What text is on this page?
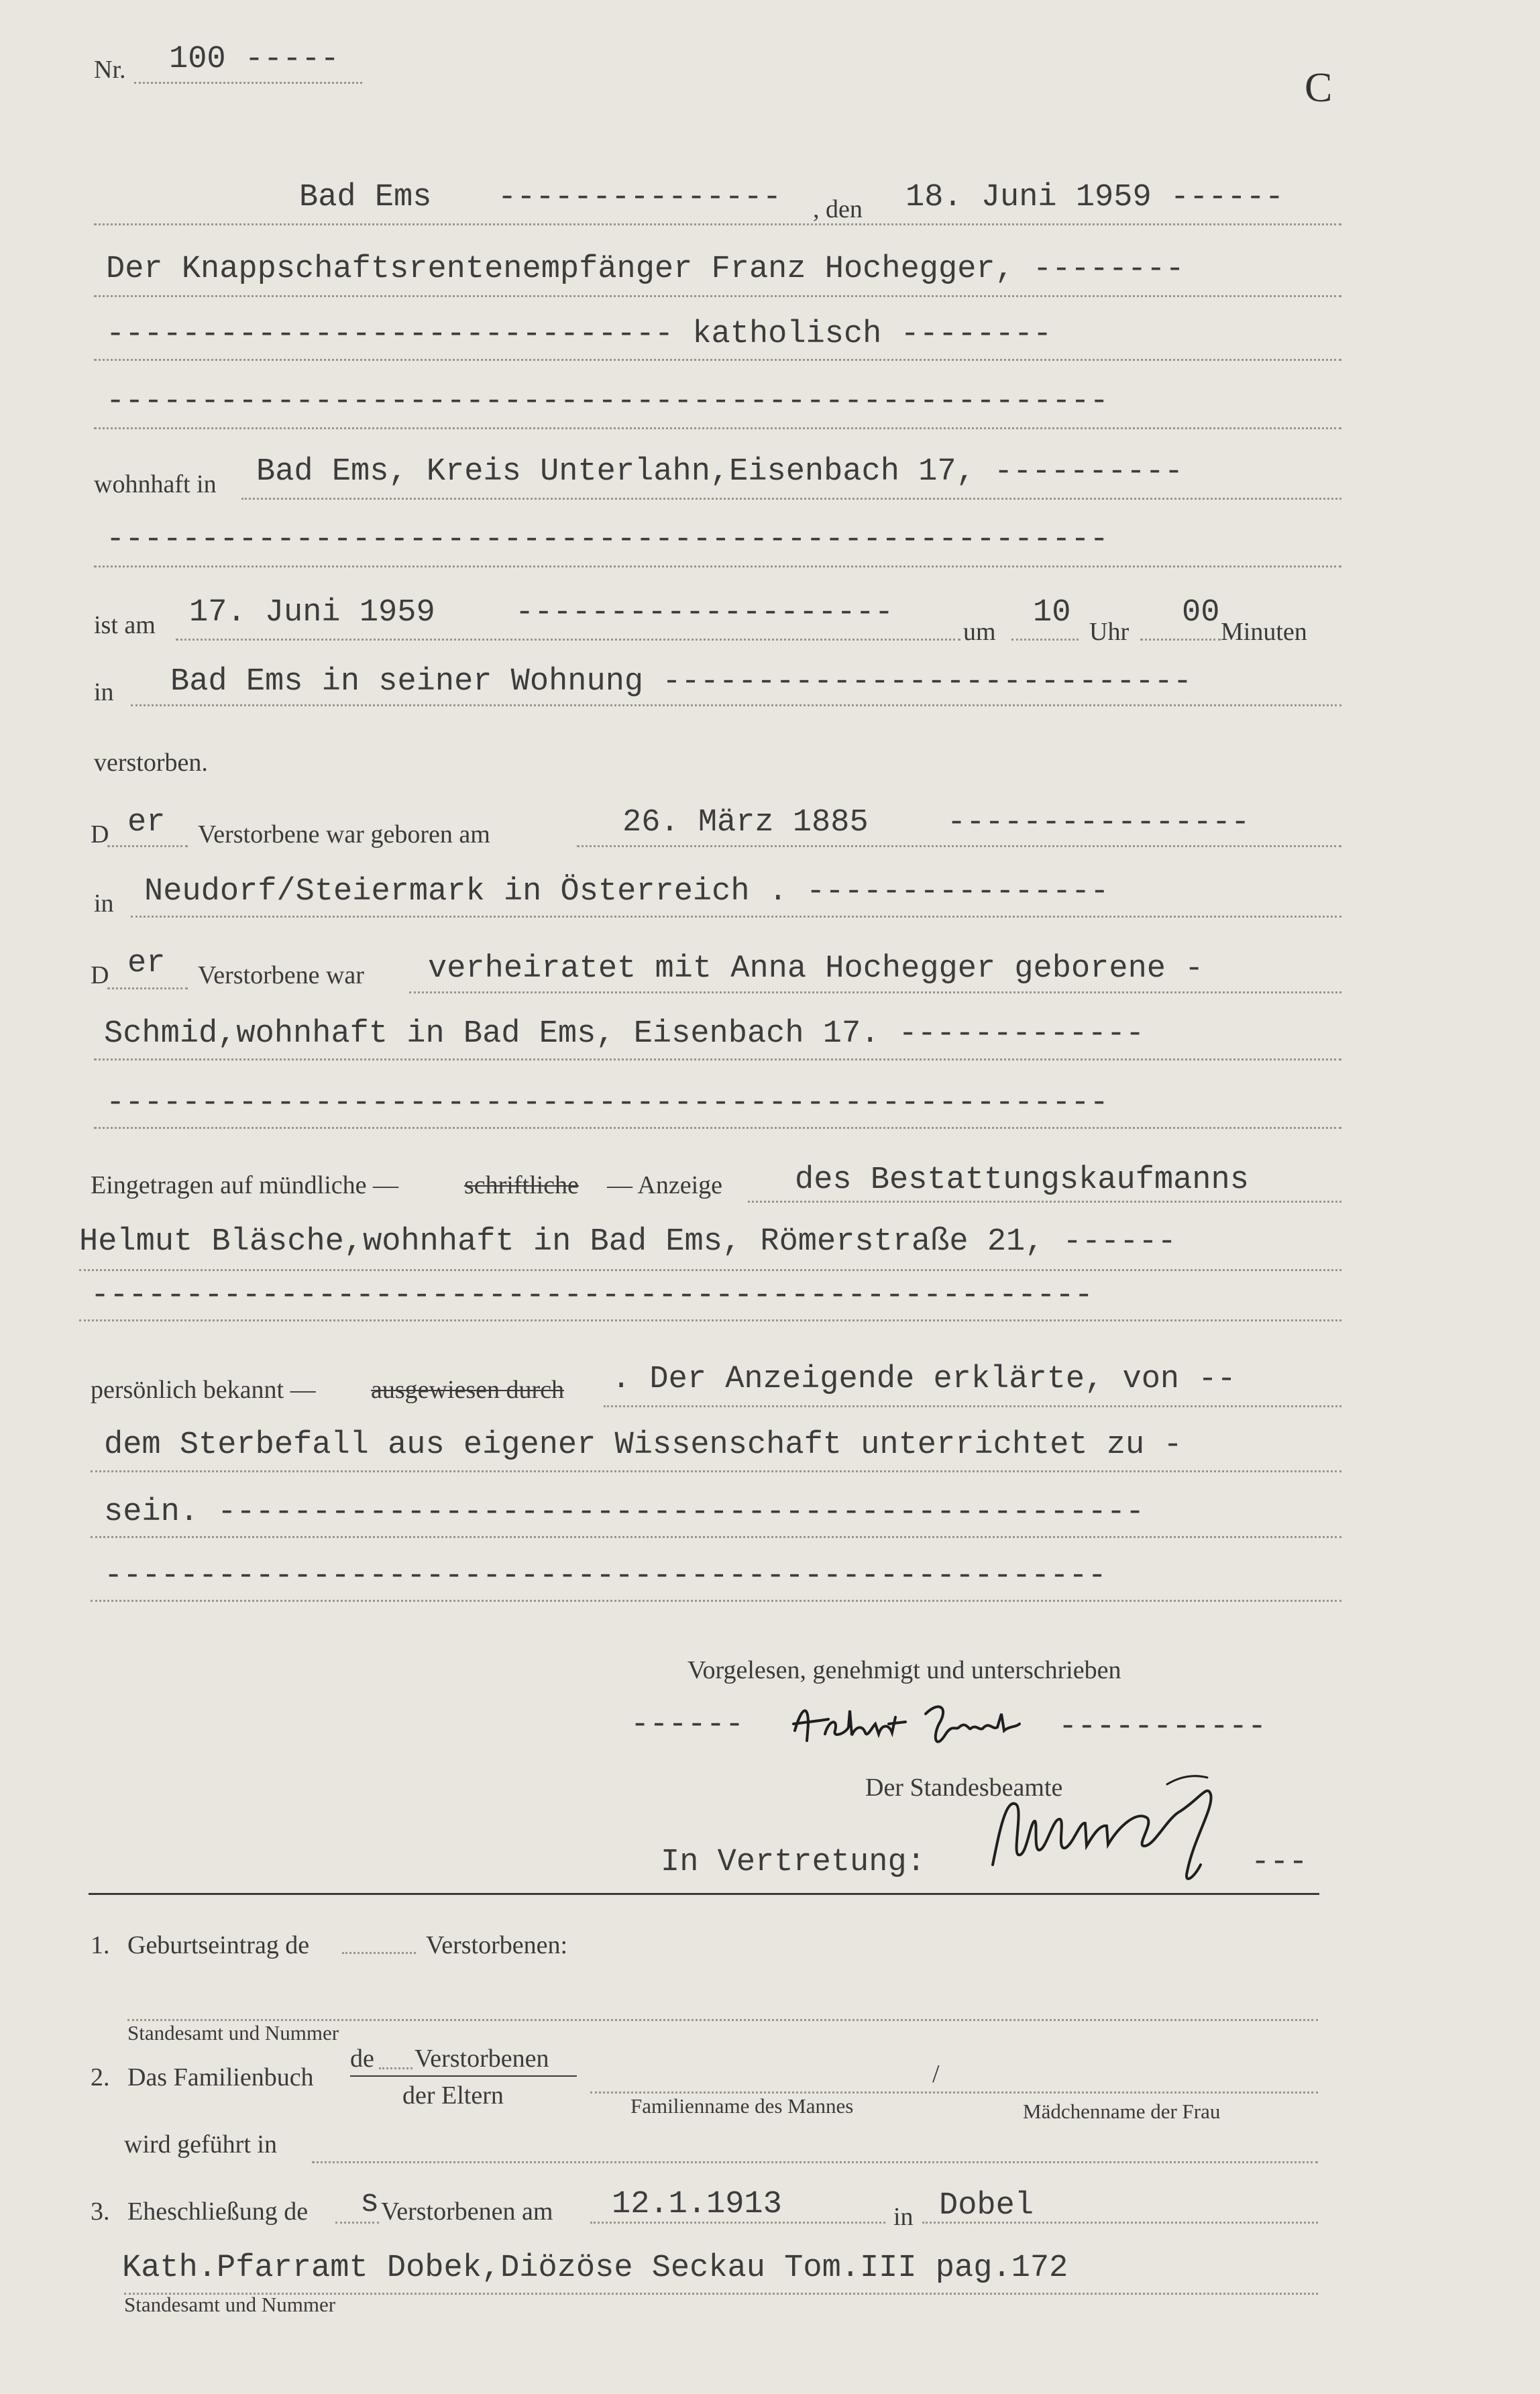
Nr. 100 -----
C
Bad Ems --------------- , den 18. Juni 1959 ------
Der Knappschaftsrentenempfänger Franz Hochegger, --------
------------------------------ katholisch --------
-----------------------------------------------------
wohnhaft in Bad Ems, Kreis Unterlahn,Eisenbach 17, ----------
-----------------------------------------------------
ist am 17. Juni 1959	--------------------
um
10
Uhr
00
Minuten
in Bad Ems in seiner Wohnung ----------------------------
verstorben.
D er Verstorbene war geboren am	26. März 1885 ----------------
in Neudorf/Steiermark in Österreich . ----------------
D er Verstorbene war verheiratet mit Anna Hochegger geborene -
Schmid,wohnhaft in Bad Ems, Eisenbach 17. -------------
-----------------------------------------------------
Eingetragen auf mündliche —	schriftliche — Anzeige des Bestattungskaufmanns
Helmut Bläsche,wohnhaft in Bad Ems, Römerstraße 21, ------
-----------------------------------------------------
persönlich bekannt — ausgewiesen durch . Der Anzeigende erklärte, von --
dem Sterbefall aus eigener Wissenschaft unterrichtet zu -
sein. -------------------------------------------------
-----------------------------------------------------
Vorgelesen, genehmigt und unterschrieben
------	-----------
Der Standesbeamte
In Vertretung:	---
1. Geburtseintrag de	Verstorbenen:
Standesamt und Nummer
2. Das Familienbuch
de Verstorbenen
der Eltern
/
Familienname des Mannes	Mädchenname der Frau
wird geführt in
3. Eheschließung de s Verstorbenen am 12.1.1913	in Dobel
Kath.Pfarramt Dobek,Diözöse Seckau Tom.III pag.172
Standesamt und Nummer
